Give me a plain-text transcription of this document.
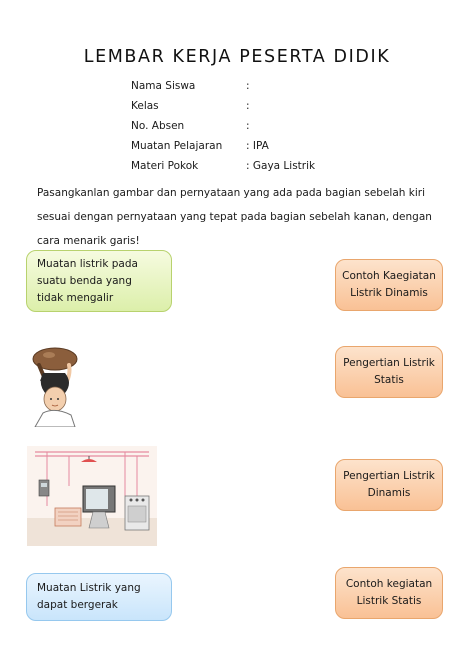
LEMBAR KERJA PESERTA DIDIK
Nama Siswa	:
Kelas	:
No. Absen	:
Muatan Pelajaran : IPA
Materi Pokok	: Gaya Listrik
Pasangkanlan gambar dan pernyataan yang ada pada bagian sebelah kiri sesuai dengan pernyataan yang tepat pada bagian sebelah kanan, dengan cara menarik garis!
Muatan listrik pada suatu benda yang tidak mengalir
Muatan Listrik yang dapat bergerak
Contoh Kaegiatan Listrik Dinamis
Pengertian Listrik Statis
Pengertian Listrik Dinamis
Contoh kegiatan Listrik Statis
